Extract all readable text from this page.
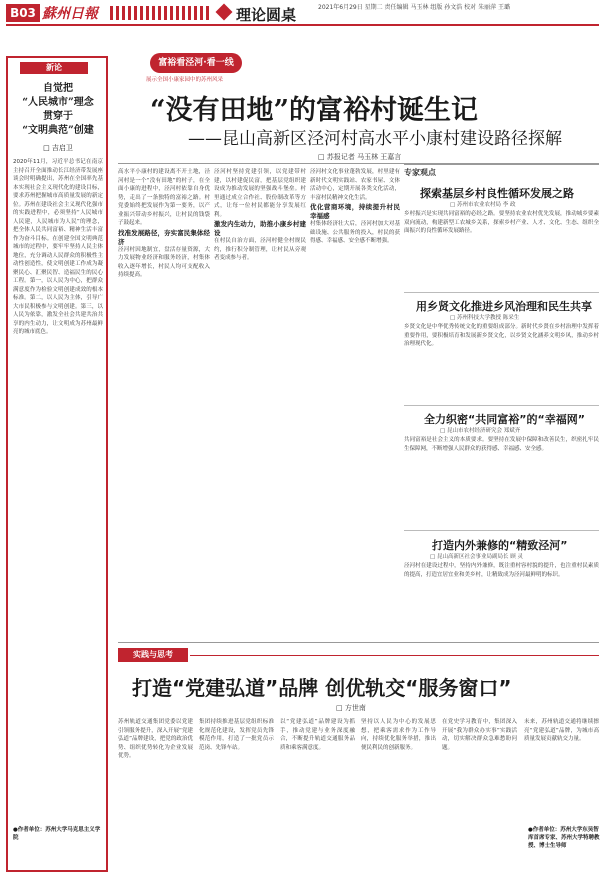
B03 蘇州日報	理论圆桌	2021年6月29日 星期二 责任编辑 马玉林 组版 孙文浩 校对 朱丽萍 王璐
新论
自觉把
“人民城市”理念
贯穿于
“文明典范”创建
□ 吉启卫
2020年11月，习近平总书记在南京主持召开全面推动长江经济带发展座谈会时明确提出，苏州在全国率先基本实现社会主义现代化的建设目标，要求苏州把握城市高质量发展的新定位。苏州在建设社会主义现代化强市的实践进程中，必须坚持“人民城市人民建，人民城市为人民”的理念，把全体人民共同富裕、精神生活丰富作为奋斗目标。在创建全国文明典范城市的过程中，要牢牢坚持人民主体地位，充分调动人民群众的积极性主动性创造性，使文明创建工作成为凝聚民心、汇聚民智、造福民生的民心工程。第一，以人民为中心，把群众满意度作为检验文明创建成效的根本标准。第二，以人民为主体，引导广大市民积极参与文明创建。第三，以人民为依靠，激发全社会共建共治共享的内生动力，让文明成为苏州最鲜亮的城市底色。
●作者单位：苏州大学马克思主义学院
富裕看泾河·看一线
展示全国小康家园中的苏州风采
“没有田地”的富裕村诞生记
——昆山高新区泾河村高水平小康村建设路径探解
□ 苏报记者 马玉林 王嘉言
高水平小康村的建设离不开土地，泾河村是一个“没有田地”的村子，在全面小康的进程中，泾河村依靠自身优势，走出了一条独特的富裕之路。村党委始终把发展作为第一要务，以产业振兴带动乡村振兴，让村民的钱袋子鼓起来。
找准发展路径，夯实富民集体经济
泾河村因地制宜，盘活存量资源，大力发展物业经济和服务经济，村集体收入逐年增长，村民人均可支配收入持续提高。
泾河村坚持党建引领，以党建带村建，以村建促民富，把基层党组织建设成为推动发展的坚强战斗堡垒。村里通过成立合作社、股份制改革等方式，让每一位村民都能分享发展红利。
激发内生动力，助推小康乡村建设
在村民自治方面，泾河村健全村规民约，推行积分制管理，让村民从旁观者变成参与者。
泾河村文化事业蓬勃发展，村里建有新时代文明实践站、农家书屋、文体活动中心，定期开展各类文化活动，丰富村民精神文化生活。
优化营商环境，持续提升村民幸福感
村集体经济壮大后，泾河村加大对基础设施、公共服务的投入，村民的获得感、幸福感、安全感不断增强。
专家观点
探索基层乡村良性循环发展之路
□ 苏州市农业农村局 李 政
乡村振兴是实现共同富裕的必经之路。要坚持农业农村优先发展，推动城乡要素双向流动，构建新型工农城乡关系，探索乡村产业、人才、文化、生态、组织全面振兴的良性循环发展路径。
用乡贤文化推进乡风治理和民生共享
□ 苏州科技大学教授 陈采生
乡贤文化是中华优秀传统文化的重要组成部分。新时代乡贤在乡村治理中发挥着重要作用，要积极培育和发展新乡贤文化，以乡贤文化涵养文明乡风，推动乡村治理现代化。
全力织密“共同富裕”的“幸福网”
□ 昆山市农村经济研究会 郑斌齐
共同富裕是社会主义的本质要求。要坚持在发展中保障和改善民生，织密扎牢民生保障网，不断增强人民群众的获得感、幸福感、安全感。
打造内外兼修的“精致泾河”
□ 昆山高新区社会事业局副局长 顾 灵
泾河村在建设过程中，坚持内外兼修，既注重村容村貌的提升，也注重村民素质的提高，打造宜居宜业和美乡村，让精致成为泾河最鲜明的标识。
实践与思考
打造“党建弘道”品牌 创优轨交“服务窗口”
□ 方世南
苏州轨道交通集团党委以党建引领服务提升，深入开展“党建弘道”品牌建设，把党的政治优势、组织优势转化为企业发展优势。
集团持续推进基层党组织标准化规范化建设，发挥党员先锋模范作用，打造了一批党员示范岗、先锋车站。
以“党建弘道”品牌建设为抓手，推动党建与业务深度融合，不断提升轨道交通服务品质和乘客满意度。
坚持以人民为中心的发展思想，把乘客需求作为工作导向，持续优化服务举措，推出便民利民的创新服务。
在党史学习教育中，集团深入开展“我为群众办实事”实践活动，切实解决群众急难愁盼问题。
未来，苏州轨道交通将继续擦亮“党建弘道”品牌，为城市高质量发展贡献轨交力量。
●作者单位：苏州大学东吴智库首席专家、苏州大学特聘教授、博士生导师
